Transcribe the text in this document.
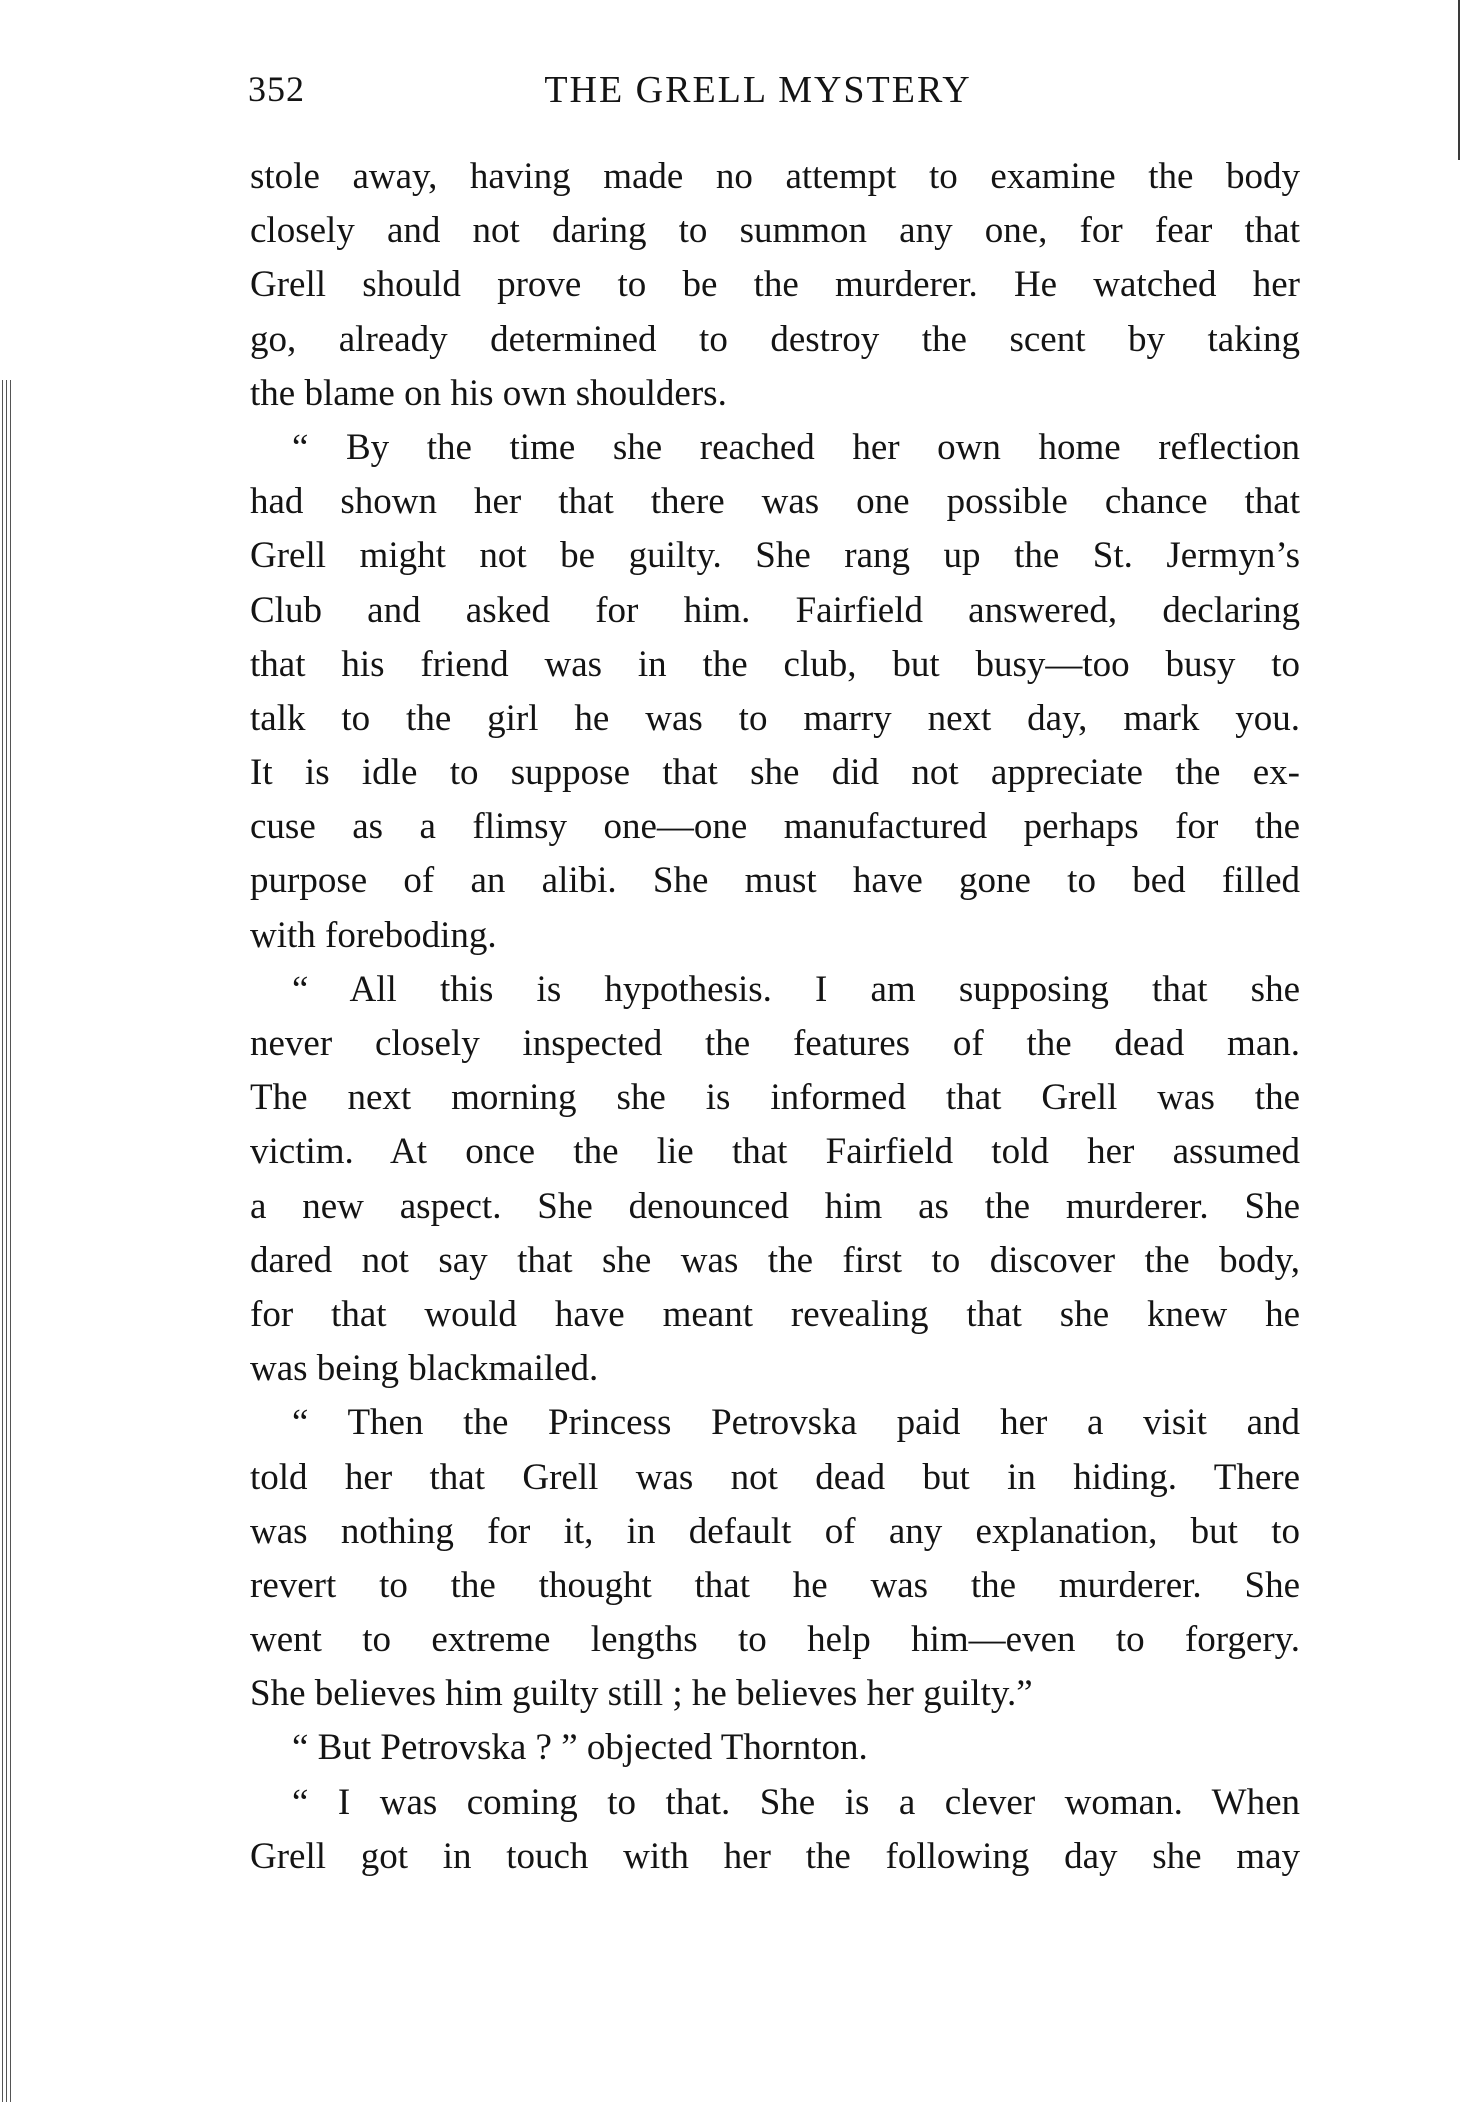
352	THE GRELL MYSTERY
stole away, having made no attempt to examine the body
closely and not daring to summon any one, for fear that
Grell should prove to be the murderer. He watched her
go, already determined to destroy the scent by taking
the blame on his own shoulders.
“ By the time she reached her own home reflection
had shown her that there was one possible chance that
Grell might not be guilty. She rang up the St. Jermyn’s
Club and asked for him. Fairfield answered, declaring
that his friend was in the club, but busy—too busy to
talk to the girl he was to marry next day, mark you.
It is idle to suppose that she did not appreciate the ex-
cuse as a flimsy one—one manufactured perhaps for the
purpose of an alibi. She must have gone to bed filled
with foreboding.
“ All this is hypothesis. I am supposing that she
never closely inspected the features of the dead man.
The next morning she is informed that Grell was the
victim. At once the lie that Fairfield told her assumed
a new aspect. She denounced him as the murderer. She
dared not say that she was the first to discover the body,
for that would have meant revealing that she knew he
was being blackmailed.
“ Then the Princess Petrovska paid her a visit and
told her that Grell was not dead but in hiding. There
was nothing for it, in default of any explanation, but to
revert to the thought that he was the murderer. She
went to extreme lengths to help him—even to forgery.
She believes him guilty still ; he believes her guilty.”
“ But Petrovska ? ” objected Thornton.
“ I was coming to that. She is a clever woman. When
Grell got in touch with her the following day she may
